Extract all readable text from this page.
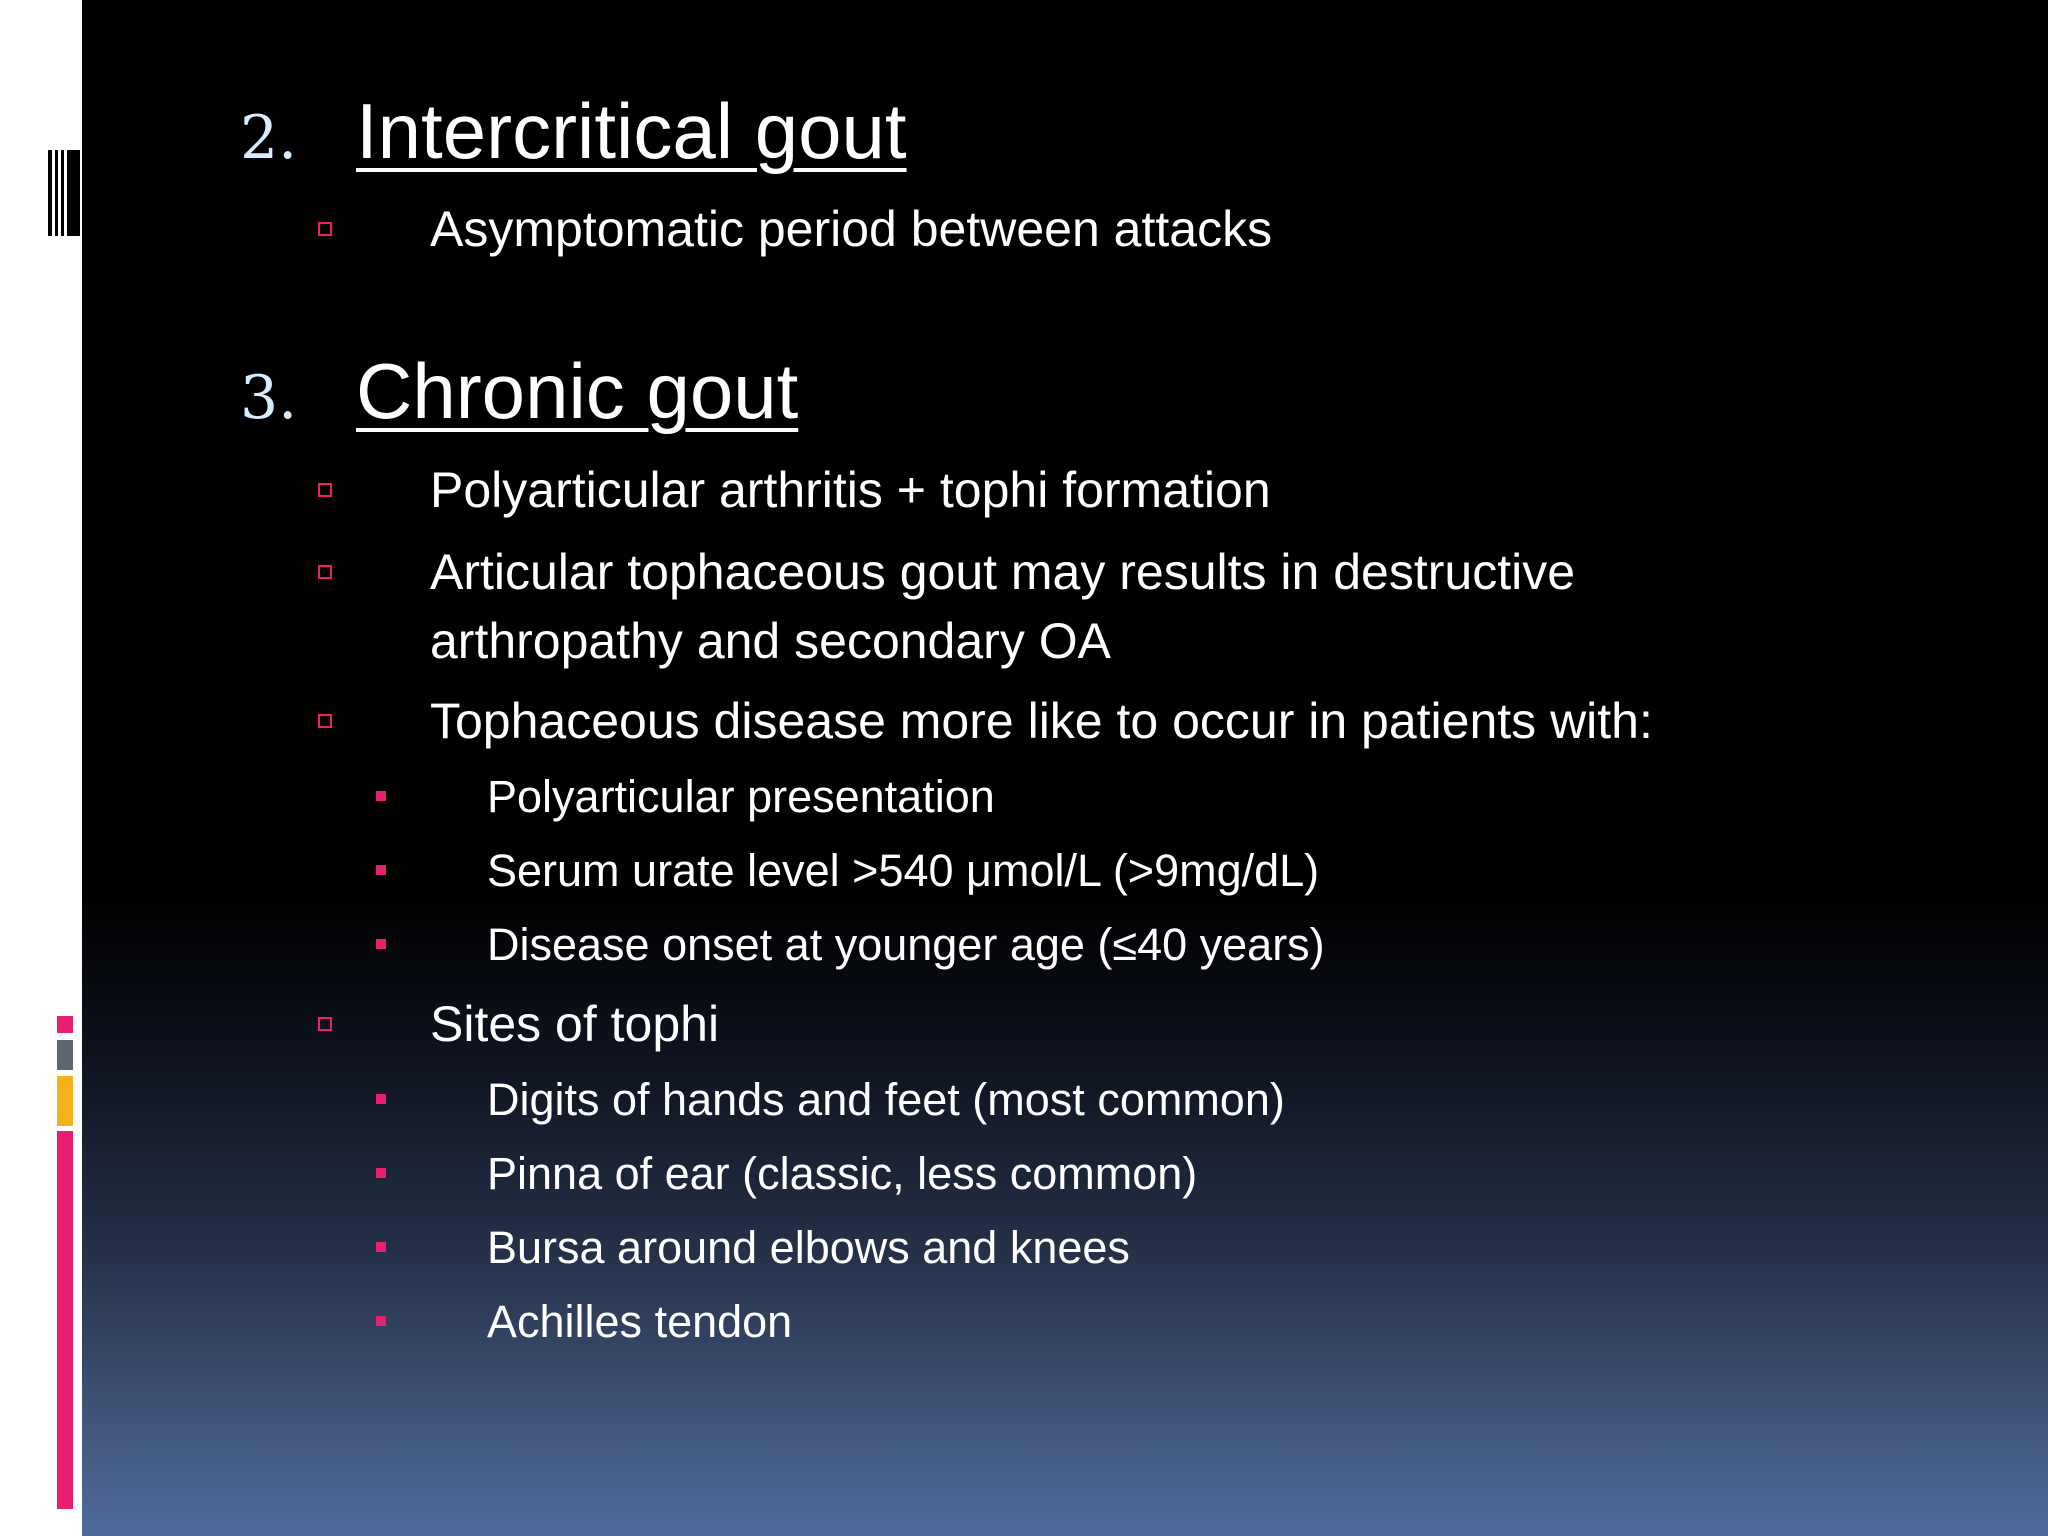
2. Intercritical gout
Asymptomatic period between attacks
3. Chronic gout
Polyarticular arthritis + tophi formation
Articular tophaceous gout may results in destructive arthropathy and secondary OA
Tophaceous disease more like to occur in patients with:
Polyarticular presentation
Serum urate level >540 μmol/L (>9mg/dL)
Disease onset at younger age (≤40 years)
Sites of tophi
Digits of hands and feet (most common)
Pinna of ear (classic, less common)
Bursa around elbows and knees
Achilles tendon
